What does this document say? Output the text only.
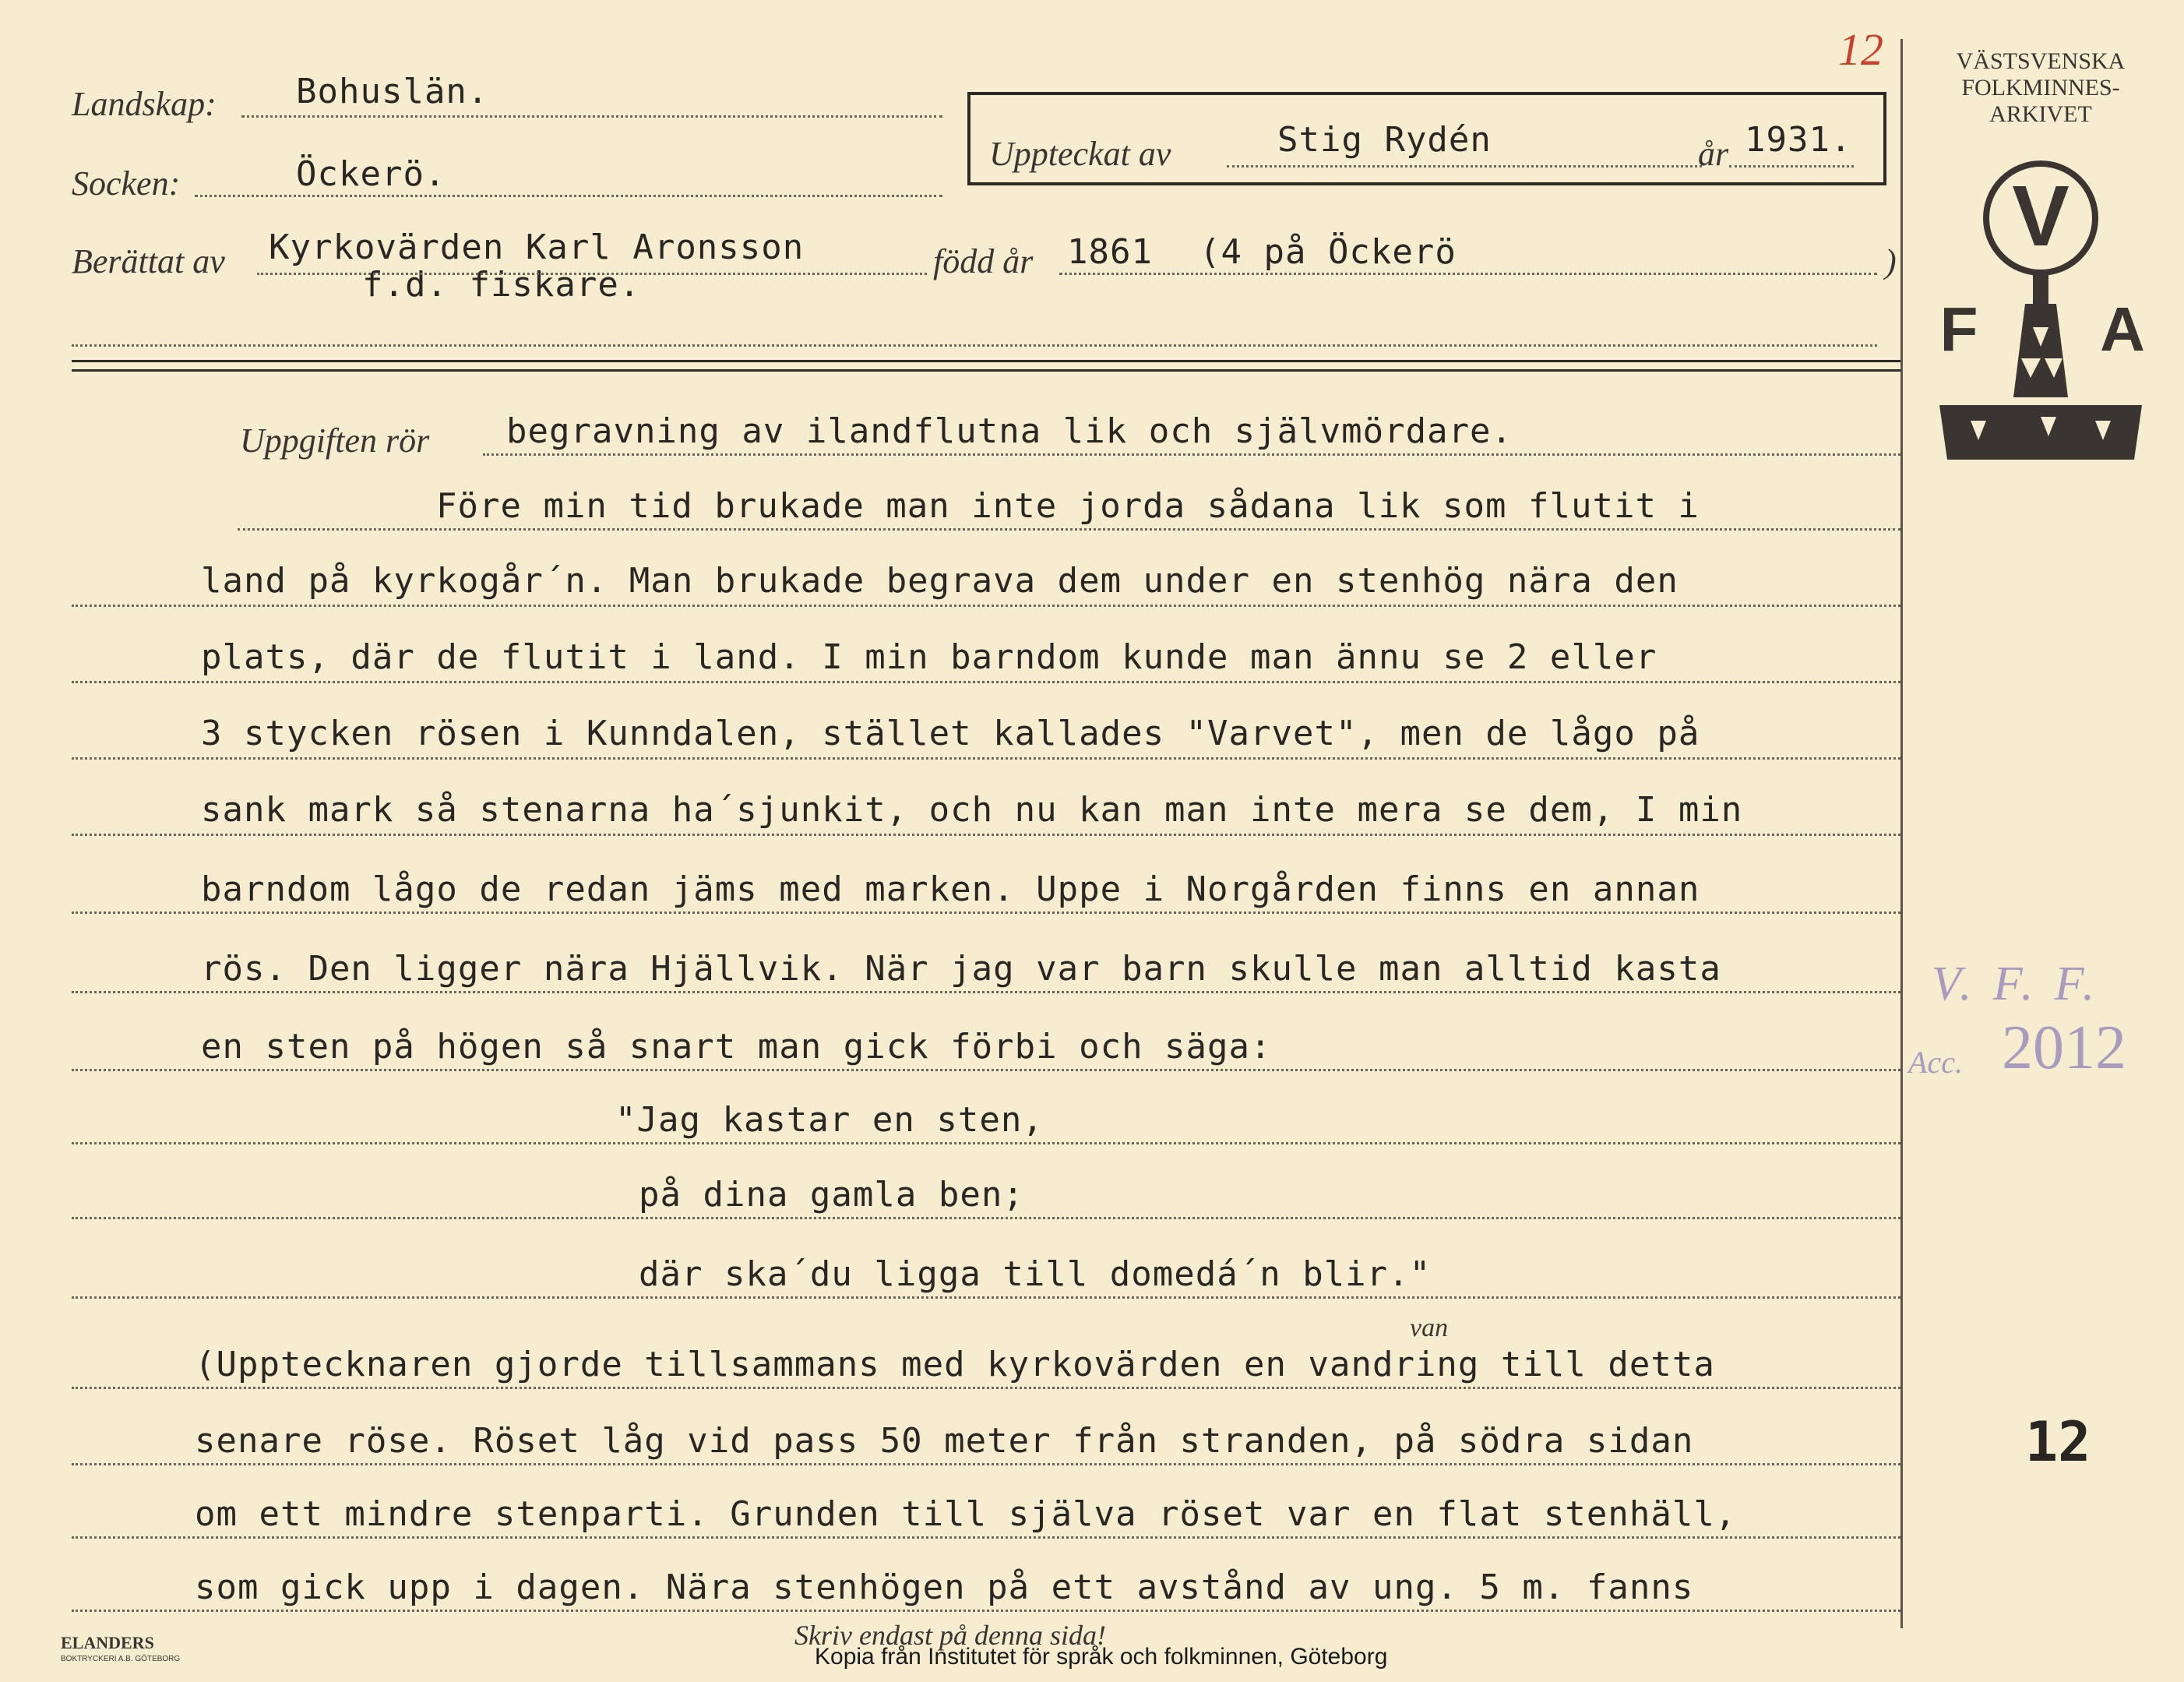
12	VÄSTSVENSKA
FOLKMINNES-
ARKIVET
V
F A
Landskap: Bohuslän.
Socken:	Öckerö.
Uppteckat av	Stig Rydén	år 1931.
Berättat av Kyrkovärden Karl Aronsson
f.d. fiskare.
född år 1861 (4 på Öckerö	)
Uppgiften rör begravning av ilandflutna lik och självmördare.
Före min tid brukade man inte jorda sådana lik som flutit i
land på kyrkogår´n. Man brukade begrava dem under en stenhög nära den
plats, där de flutit i land. I min barndom kunde man ännu se 2 eller
3 stycken rösen i Kunndalen, stället kallades "Varvet", men de lågo på
sank mark så stenarna ha´sjunkit, och nu kan man inte mera se dem, I min
barndom lågo de redan jäms med marken. Uppe i Norgården finns en annan
rös. Den ligger nära Hjällvik. När jag var barn skulle man alltid kasta
en sten på högen så snart man gick förbi och säga:
"Jag kastar en sten,
på dina gamla ben;
där ska´du ligga till domedá´n blir."
van
(Upptecknaren gjorde tillsammans med kyrkovärden en vandring till detta
senare röse. Röset låg vid pass 50 meter från stranden, på södra sidan
om ett mindre stenparti. Grunden till själva röset var en flat stenhäll,
som gick upp i dagen. Nära stenhögen på ett avstånd av ung. 5 m. fanns
V. F. F.
Acc. 2012
12
ELANDERS
BOKTRYCKERI A.B. GÖTEBORG
Skriv endast på denna sida!
Kopia från Institutet för språk och folkminnen, Göteborg
